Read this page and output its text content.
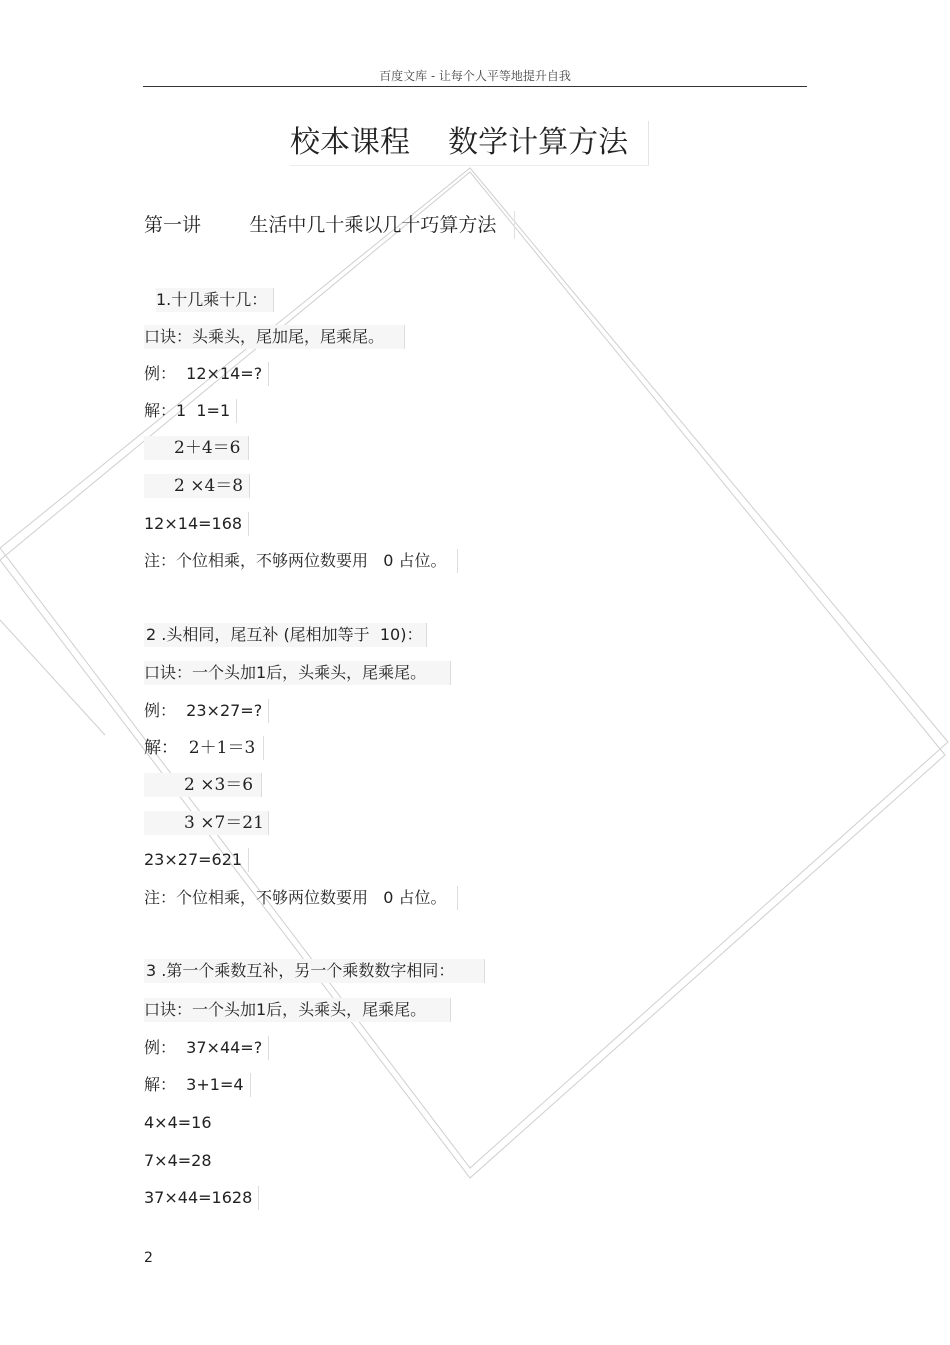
百度文库 - 让每个人平等地提升自我
校本课程    数学计算方法
第一讲        生活中几十乘以几十巧算方法
1.十几乘十几：
口诀：头乘头，尾加尾，尾乘尾。
例：  12×14=?
解：1  1=1
2＋4＝6
2 ×4＝8
12×14=168
注：个位相乘，不够两位数要用   0 占位。
2 .头相同，尾互补 (尾相加等于  10)：
口诀：一个头加1后，头乘头，尾乘尾。
例：  23×27=?
解：  2＋1＝3
2 ×3＝6
3 ×7＝21
23×27=621
注：个位相乘，不够两位数要用   0 占位。
3 .第一个乘数互补，另一个乘数数字相同：
口诀：一个头加1后，头乘头，尾乘尾。
例：  37×44=?
解：  3+1=4
4×4=16
7×4=28
37×44=1628
2
